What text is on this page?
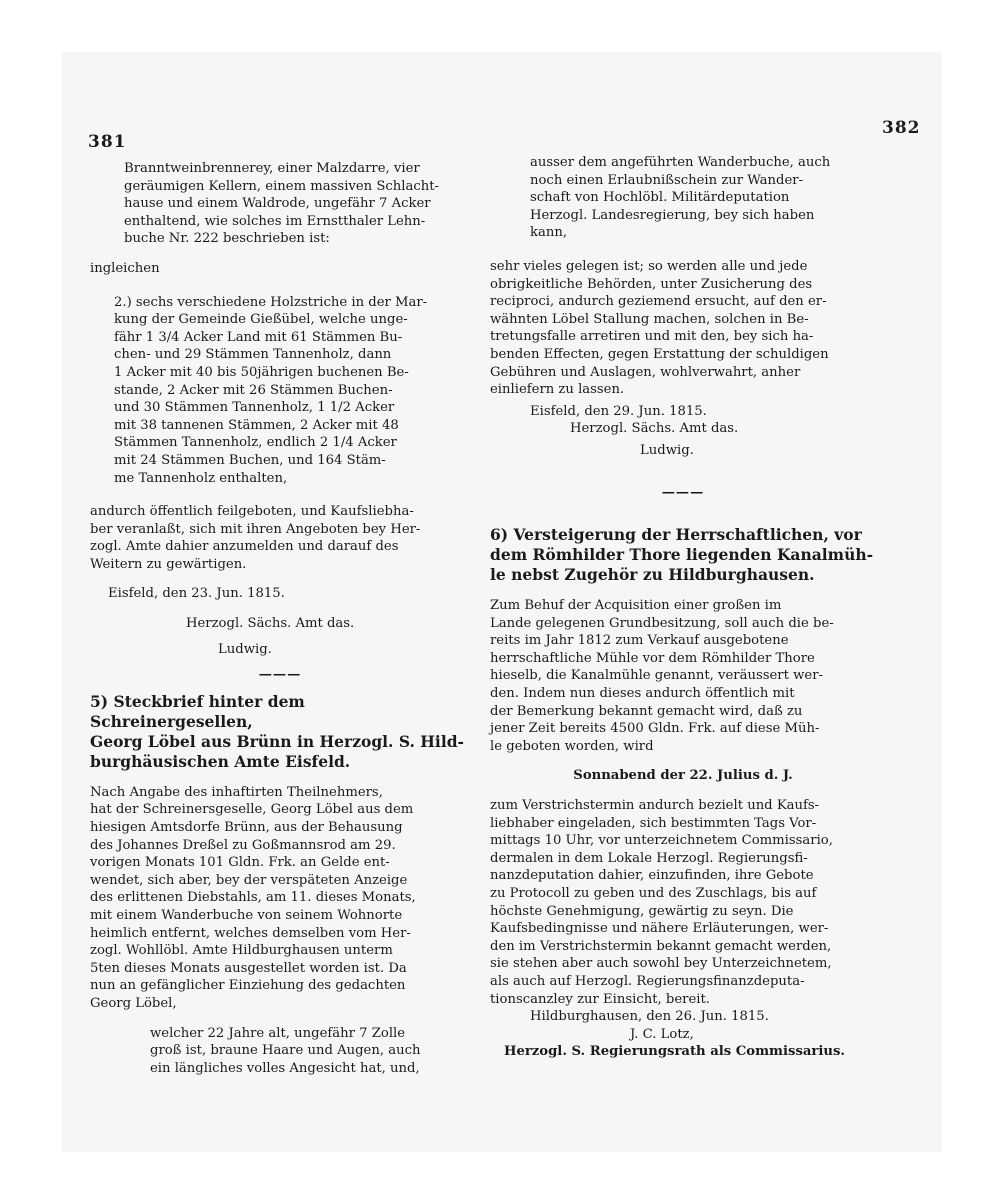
381
382
Branntweinbrennerey, einer Malzdarre, vier
geräumigen Kellern, einem massiven Schlacht-
hause und einem Waldrode, ungefähr 7 Acker
enthaltend, wie solches im Ernstthaler Lehn-
buche Nr. 222 beschrieben ist:

ingleichen

2.) sechs verschiedene Holzstriche in der Mar-
kung der Gemeinde Gießübel, welche unge-
fähr 1 3/4 Acker Land mit 61 Stämmen Bu-
chen- und 29 Stämmen Tannenholz, dann
1 Acker mit 40 bis 50jährigen buchenen Be-
stande, 2 Acker mit 26 Stämmen Buchen-
und 30 Stämmen Tannenholz, 1 1/2 Acker
mit 38 tannenen Stämmen, 2 Acker mit 48
Stämmen Tannenholz, endlich 2 1/4 Acker
mit 24 Stämmen Buchen, und 164 Stäm-
me Tannenholz enthalten,
andurch öffentlich feilgeboten, und Kaufsliebha-
ber veranlaßt, sich mit ihren Angeboten bey Her-
zogl. Amte dahier anzumelden und darauf des
Weitern zu gewärtigen.

Eisfeld, den 23. Jun. 1815.

Herzogl. Sächs. Amt das.

Ludwig.

———
5) Steckbrief hinter dem Schreinergesellen,
Georg Löbel aus Brünn in Herzogl. S. Hild-
burghäusischen Amte Eisfeld.
Nach Angabe des inhaftirten Theilnehmers,
hat der Schreinersgeselle, Georg Löbel aus dem
hiesigen Amtsdorfe Brünn, aus der Behausung
des Johannes Dreßel zu Goßmannsrod am 29.
vorigen Monats 101 Gldn. Frk. an Gelde ent-
wendet, sich aber, bey der verspäteten Anzeige
des erlittenen Diebstahls, am 11. dieses Monats,
mit einem Wanderbuche von seinem Wohnorte
heimlich entfernt, welches demselben vom Her-
zogl. Wohllöbl. Amte Hildburghausen unterm
5ten dieses Monats ausgestellet worden ist. Da
nun an gefänglicher Einziehung des gedachten
Georg Löbel,
welcher 22 Jahre alt, ungefähr 7 Zolle
groß ist, braune Haare und Augen, auch
ein längliches volles Angesicht hat, und,
ausser dem angeführten Wanderbuche, auch
noch einen Erlaubnißschein zur Wander-
schaft von Hochlöbl. Militärdeputation
Herzogl. Landesregierung, bey sich haben
kann,
sehr vieles gelegen ist; so werden alle und jede
obrigkeitliche Behörden, unter Zusicherung des
reciproci, andurch geziemend ersucht, auf den er-
wähnten Löbel Stallung machen, solchen in Be-
tretungsfalle arretiren und mit den, bey sich ha-
benden Effecten, gegen Erstattung der schuldigen
Gebühren und Auslagen, wohlverwahrt, anher
einliefern zu lassen.

Eisfeld, den 29. Jun. 1815.

Herzogl. Sächs. Amt das.

Ludwig.

———
6) Versteigerung der Herrschaftlichen, vor
dem Römhilder Thore liegenden Kanalmüh-
le nebst Zugehör zu Hildburghausen.
Zum Behuf der Acquisition einer großen im
Lande gelegenen Grundbesitzung, soll auch die be-
reits im Jahr 1812 zum Verkauf ausgebotene
herrschaftliche Mühle vor dem Römhilder Thore
hieselb, die Kanalmühle genannt, veräussert wer-
den. Indem nun dieses andurch öffentlich mit
der Bemerkung bekannt gemacht wird, daß zu
jener Zeit bereits 4500 Gldn. Frk. auf diese Müh-
le geboten worden, wird

Sonnabend der 22. Julius d. J.

zum Verstrichstermin andurch bezielt und Kaufs-
liebhaber eingeladen, sich bestimmten Tags Vor-
mittags 10 Uhr, vor unterzeichnetem Commissario,
dermalen in dem Lokale Herzogl. Regierungsfi-
nanzdeputation dahier, einzufinden, ihre Gebote
zu Protocoll zu geben und des Zuschlags, bis auf
höchste Genehmigung, gewärtig zu seyn. Die
Kaufsbedingnisse und nähere Erläuterungen, wer-
den im Verstrichstermin bekannt gemacht werden,
sie stehen aber auch sowohl bey Unterzeichnetem,
als auch auf Herzogl. Regierungsfinanzdeputa-
tionscanzley zur Einsicht, bereit.

Hildburghausen, den 26. Jun. 1815.

J. C. Lotz,

Herzogl. S. Regierungsrath als Commissarius.
